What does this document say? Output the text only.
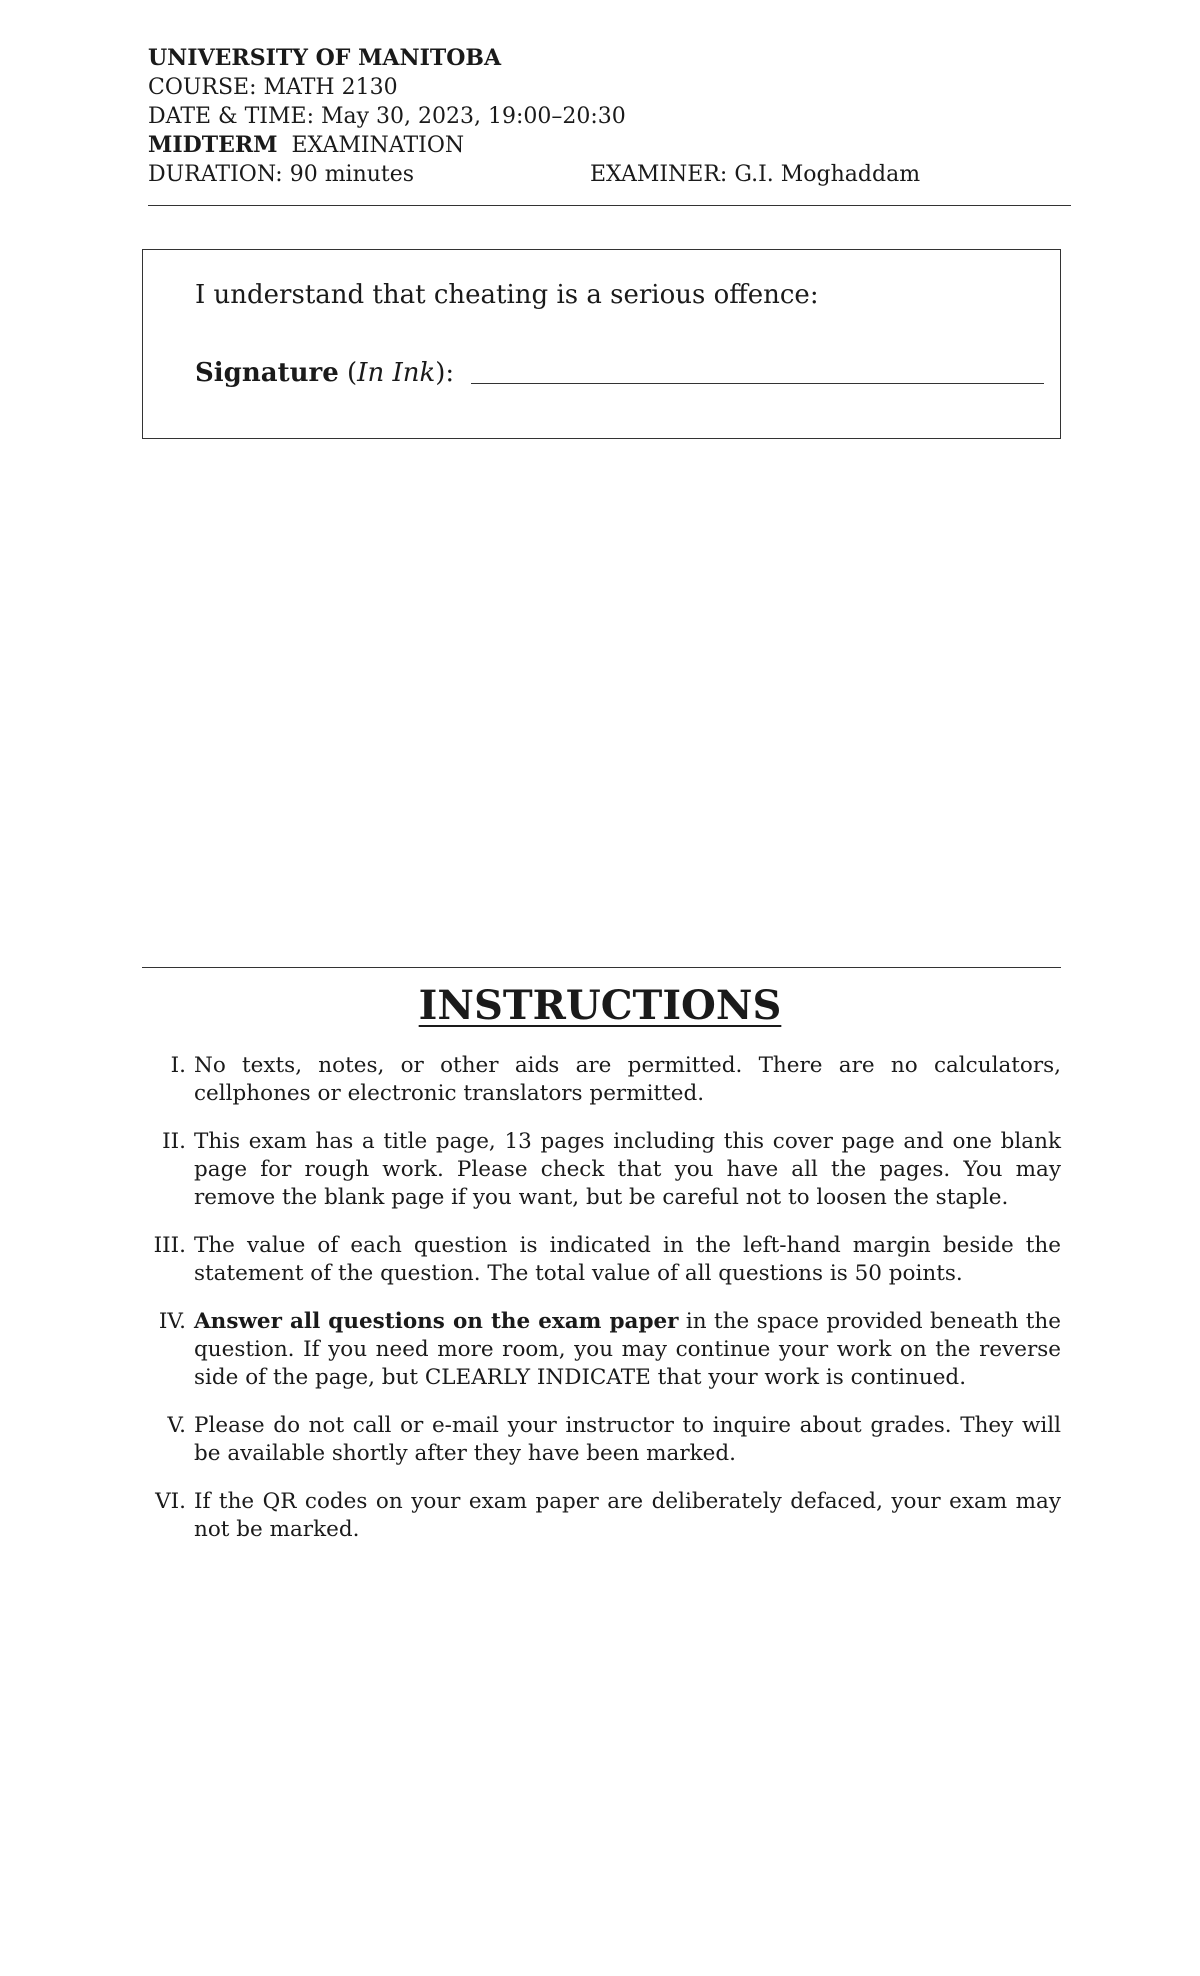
UNIVERSITY OF MANITOBA
COURSE: MATH 2130
DATE & TIME: May 30, 2023, 19:00–20:30
MIDTERM EXAMINATION
DURATION: 90 minutes	EXAMINER: G.I. Moghaddam
I understand that cheating is a serious offence:
Signature (In Ink):
INSTRUCTIONS
I. No texts, notes, or other aids are permitted. There are no calculators, cellphones or electronic translators permitted.
II. This exam has a title page, 13 pages including this cover page and one blank page for rough work. Please check that you have all the pages. You may remove the blank page if you want, but be careful not to loosen the staple.
III. The value of each question is indicated in the left-hand margin beside the statement of the question. The total value of all questions is 50 points.
IV. Answer all questions on the exam paper in the space provided beneath the question. If you need more room, you may continue your work on the reverse side of the page, but CLEARLY INDICATE that your work is continued.
V. Please do not call or e-mail your instructor to inquire about grades. They will be available shortly after they have been marked.
VI. If the QR codes on your exam paper are deliberately defaced, your exam may not be marked.
